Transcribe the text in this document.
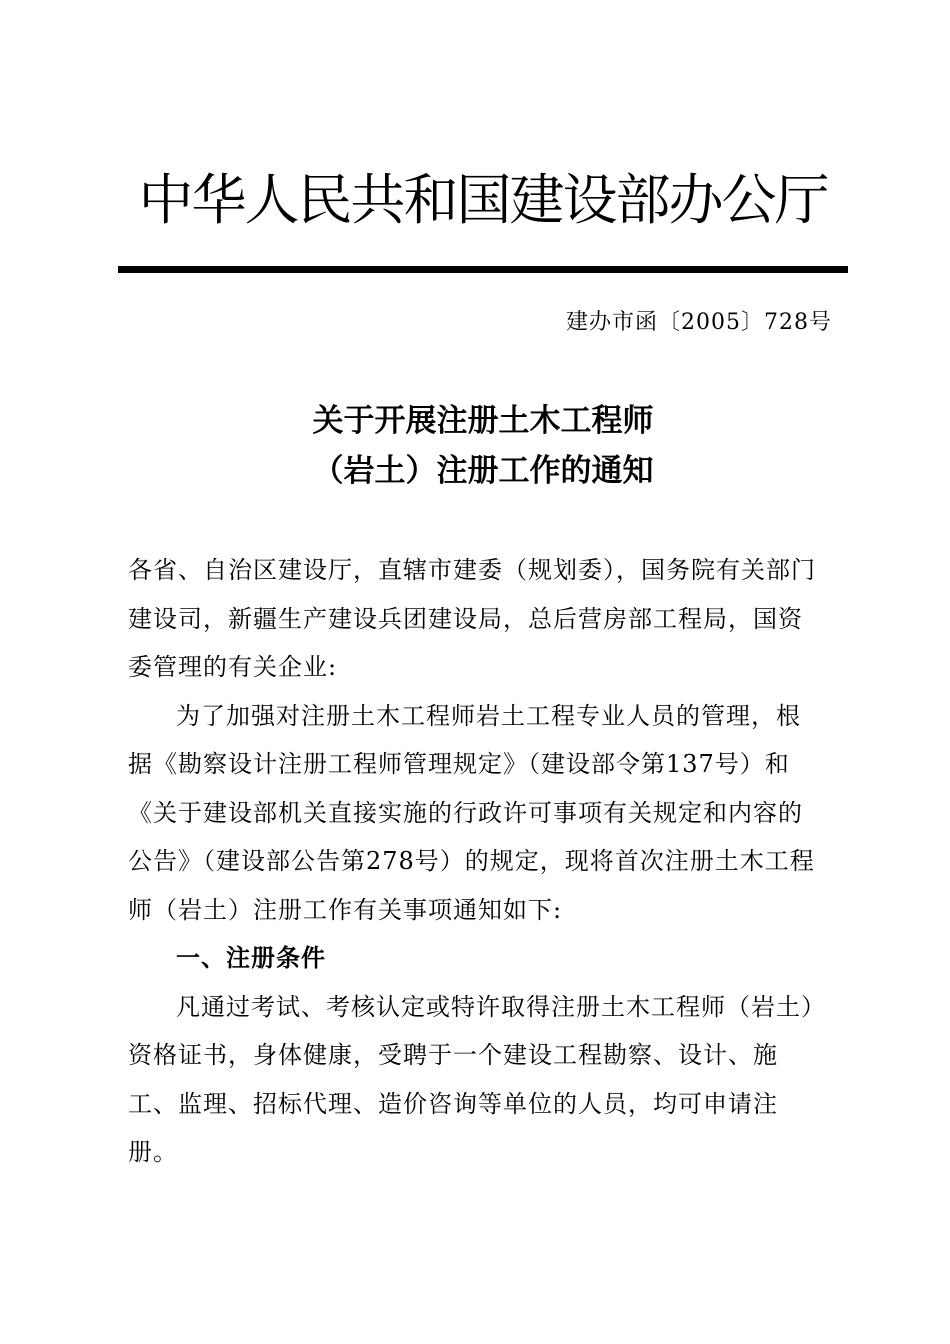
中华人民共和国建设部办公厅
建办市函〔2005〕728号
关于开展注册土木工程师
（岩土）注册工作的通知

各省、自治区建设厅，直辖市建委（规划委），国务院有关部门建设司，新疆生产建设兵团建设局，总后营房部工程局，国资委管理的有关企业:

为了加强对注册土木工程师岩土工程专业人员的管理，根据《勘察设计注册工程师管理规定》（建设部令第137号）和《关于建设部机关直接实施的行政许可事项有关规定和内容的公告》（建设部公告第278号）的规定，现将首次注册土木工程师（岩土）注册工作有关事项通知如下:

一、注册条件

凡通过考试、考核认定或特许取得注册土木工程师（岩土）资格证书，身体健康，受聘于一个建设工程勘察、设计、施工、监理、招标代理、造价咨询等单位的人员，均可申请注册。
